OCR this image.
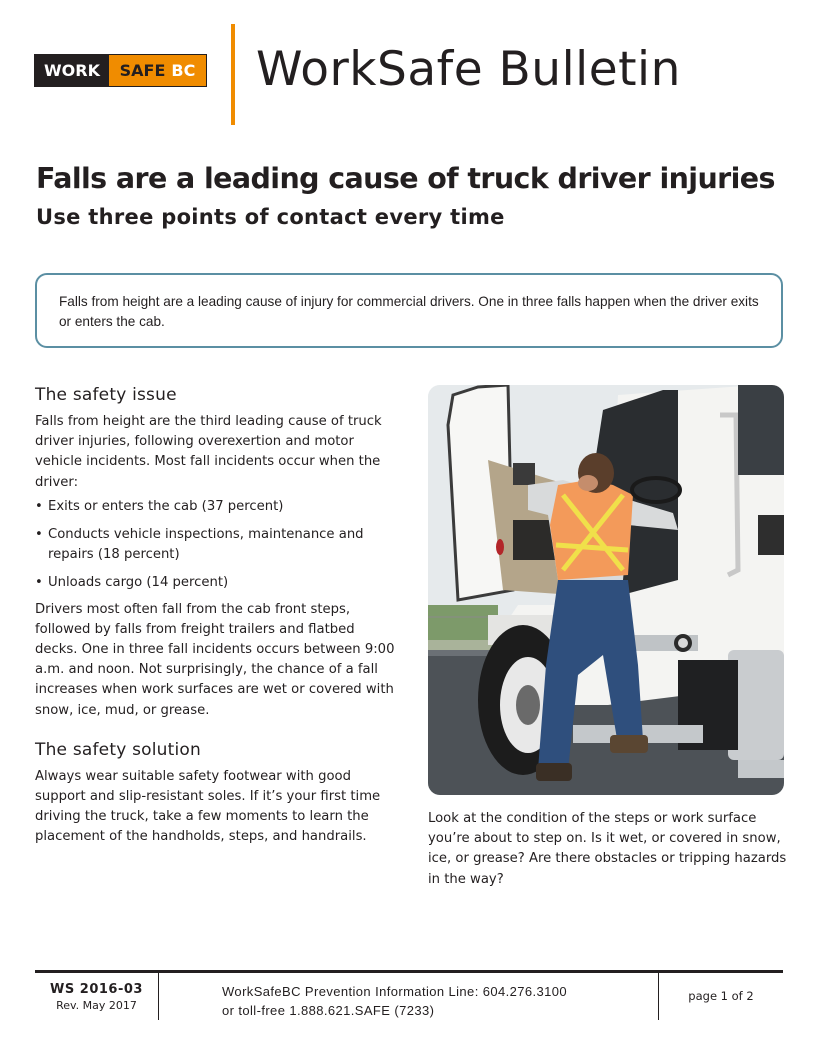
WORK	SAFE BC WorkSafe Bulletin
Falls are a leading cause of truck driver injuries
Use three points of contact every time

Falls from height are a leading cause of injury for commercial drivers. One in three falls happen when the driver exits or enters the cab.

The safety issue

Falls from height are the third leading cause of truck driver injuries, following overexertion and motor vehicle incidents. Most fall incidents occur when the driver:

• Exits or enters the cab (37 percent)
• Conducts vehicle inspections, maintenance and repairs (18 percent)
• Unloads cargo (14 percent)

Drivers most often fall from the cab front steps, followed by falls from freight trailers and flatbed decks. One in three fall incidents occurs between 9:00 a.m. and noon. Not surprisingly, the chance of a fall increases when work surfaces are wet or covered with snow, ice, mud, or grease.

The safety solution

Always wear suitable safety footwear with good support and slip-resistant soles. If it’s your first time driving the truck, take a few moments to learn the placement of the handholds, steps, and handrails.

Look at the condition of the steps or work surface you’re about to step on. Is it wet, or covered in snow, ice, or grease? Are there obstacles or tripping hazards in the way?

WS 2016-03
Rev. May 2017
WorkSafeBC Prevention Information Line: 604.276.3100
or toll-free 1.888.621.SAFE (7233)
page 1 of 2
